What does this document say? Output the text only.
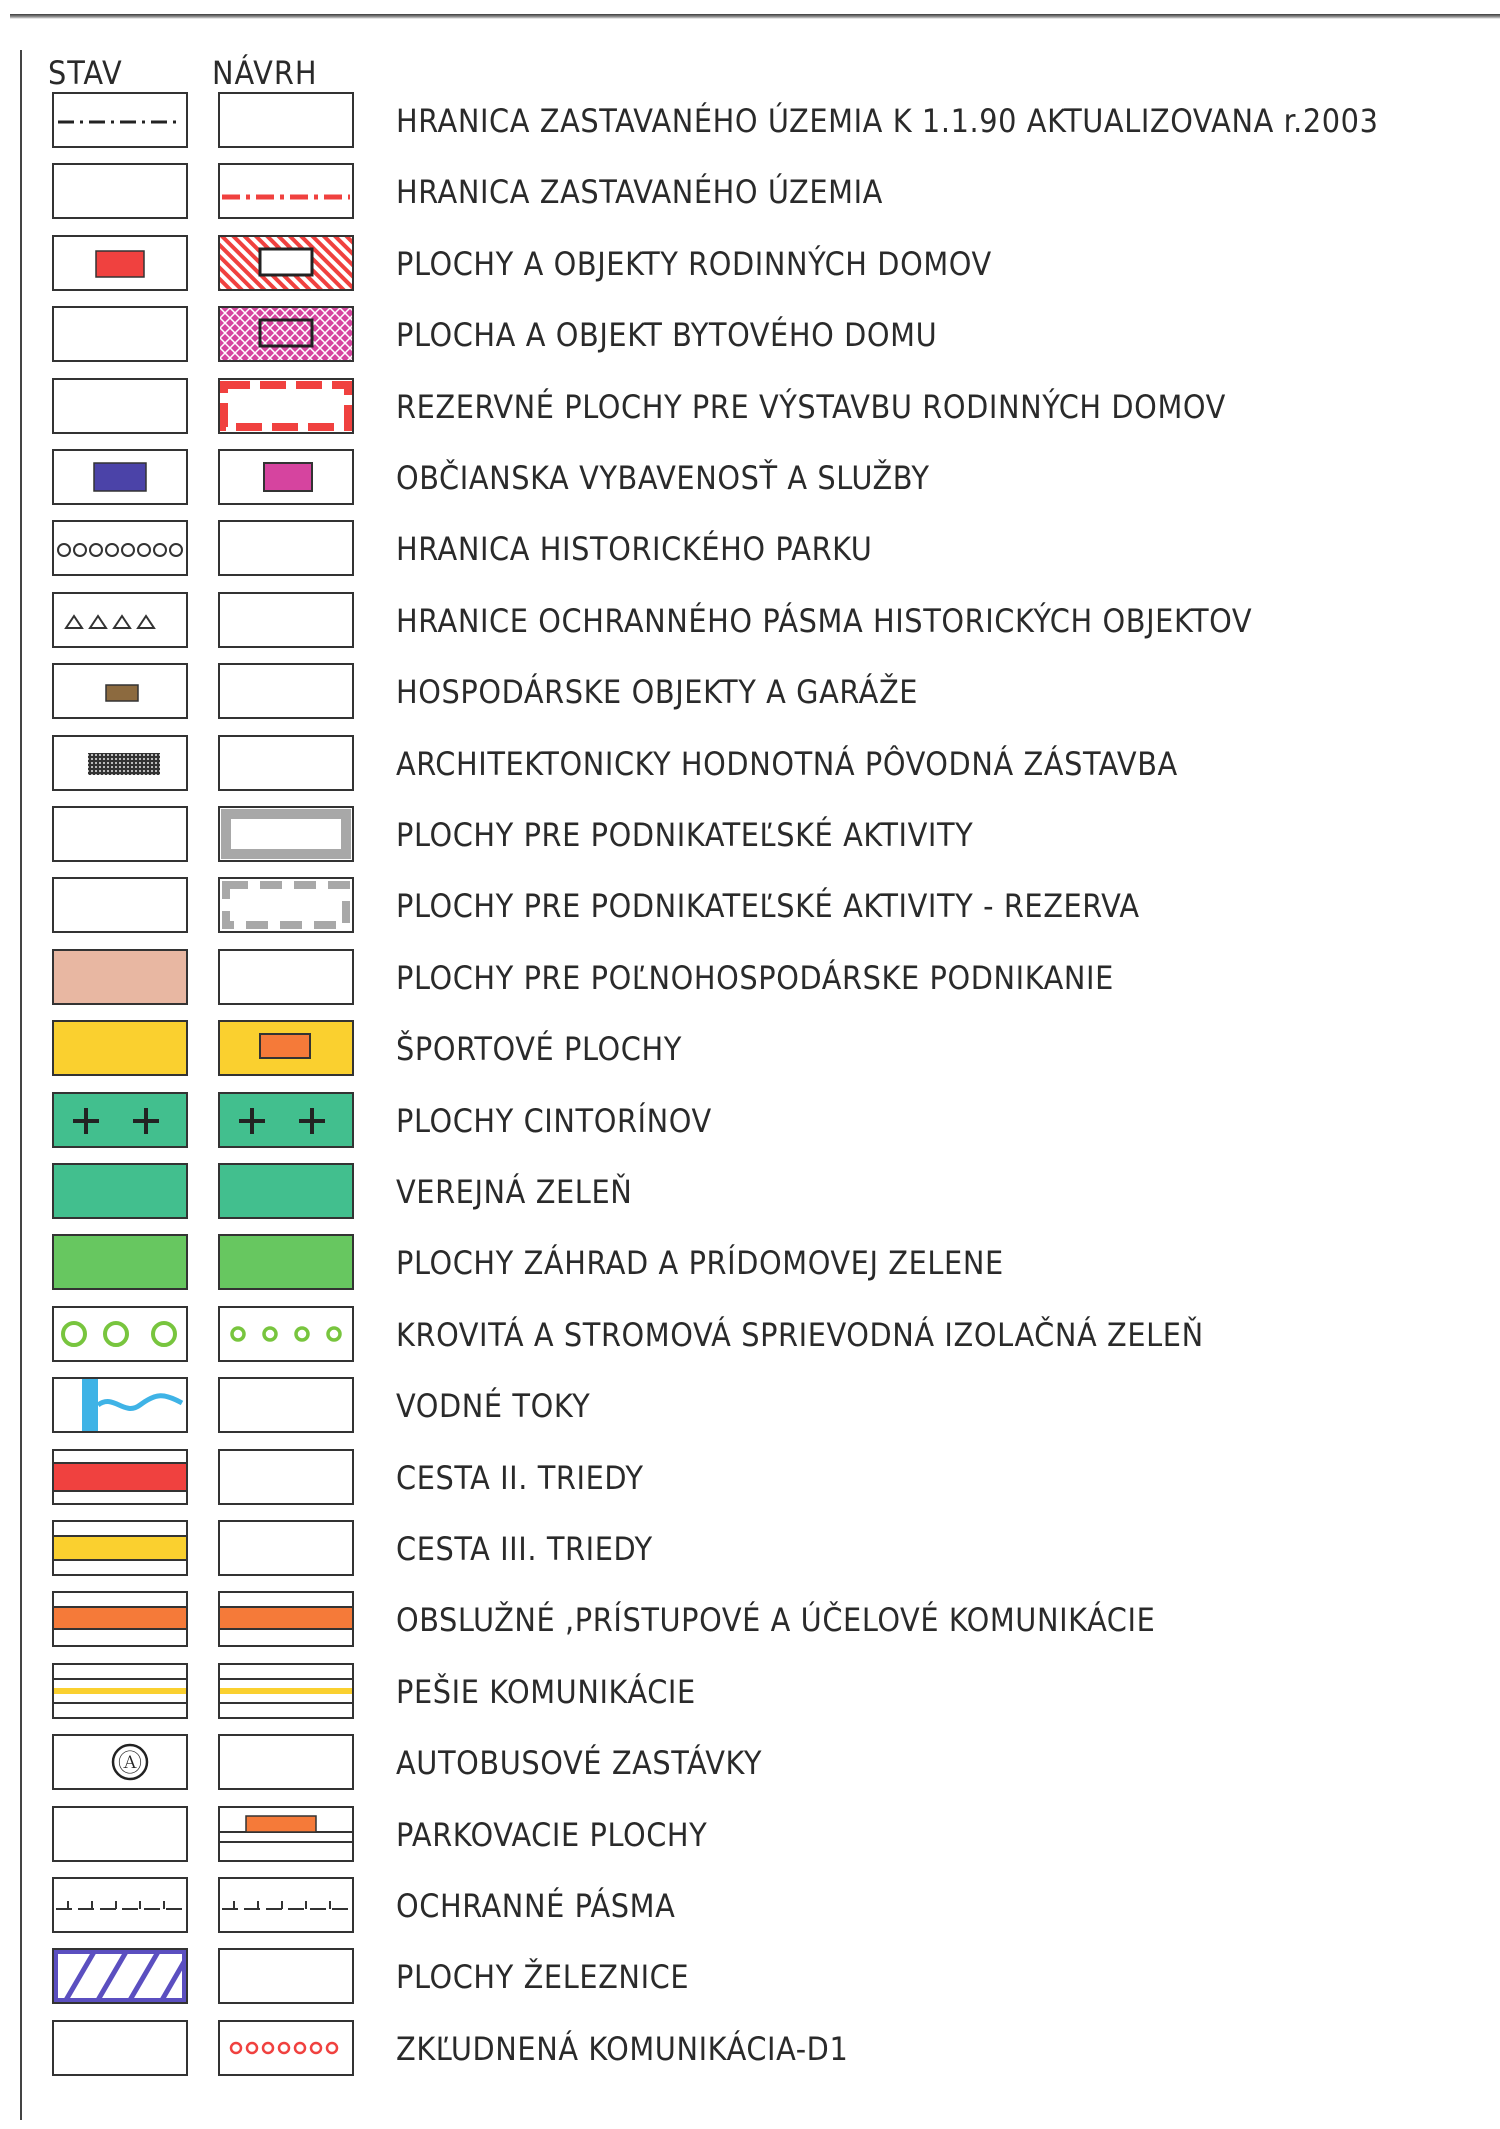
STAV	NÁVRH
HRANICA ZASTAVANÉHO ÚZEMIA K 1.1.90 AKTUALIZOVANA r.2003
HRANICA ZASTAVANÉHO ÚZEMIA
PLOCHY A OBJEKTY RODINNÝCH DOMOV
PLOCHA A OBJEKT BYTOVÉHO DOMU
REZERVNÉ PLOCHY PRE VÝSTAVBU RODINNÝCH DOMOV
OBČIANSKA VYBAVENOSŤ A SLUŽBY
HRANICA HISTORICKÉHO PARKU
HRANICE OCHRANNÉHO PÁSMA HISTORICKÝCH OBJEKTOV
HOSPODÁRSKE OBJEKTY A GARÁŽE
ARCHITEKTONICKY HODNOTNÁ PÔVODNÁ ZÁSTAVBA
PLOCHY PRE PODNIKATEĽSKÉ AKTIVITY
PLOCHY PRE PODNIKATEĽSKÉ AKTIVITY - REZERVA
PLOCHY PRE POĽNOHOSPODÁRSKE PODNIKANIE
ŠPORTOVÉ PLOCHY
PLOCHY CINTORÍNOV
VEREJNÁ ZELEŇ
PLOCHY ZÁHRAD A PRÍDOMOVEJ ZELENE
KROVITÁ A STROMOVÁ SPRIEVODNÁ IZOLAČNÁ ZELEŇ
VODNÉ TOKY
CESTA II. TRIEDY
CESTA III. TRIEDY
OBSLUŽNÉ ,PRÍSTUPOVÉ A ÚČELOVÉ KOMUNIKÁCIE
PEŠIE KOMUNIKÁCIE
Ⓐ	AUTOBUSOVÉ ZASTÁVKY
PARKOVACIE PLOCHY
OCHRANNÉ PÁSMA
PLOCHY ŽELEZNICE
ZKĽUDNENÁ KOMUNIKÁCIA-D1
